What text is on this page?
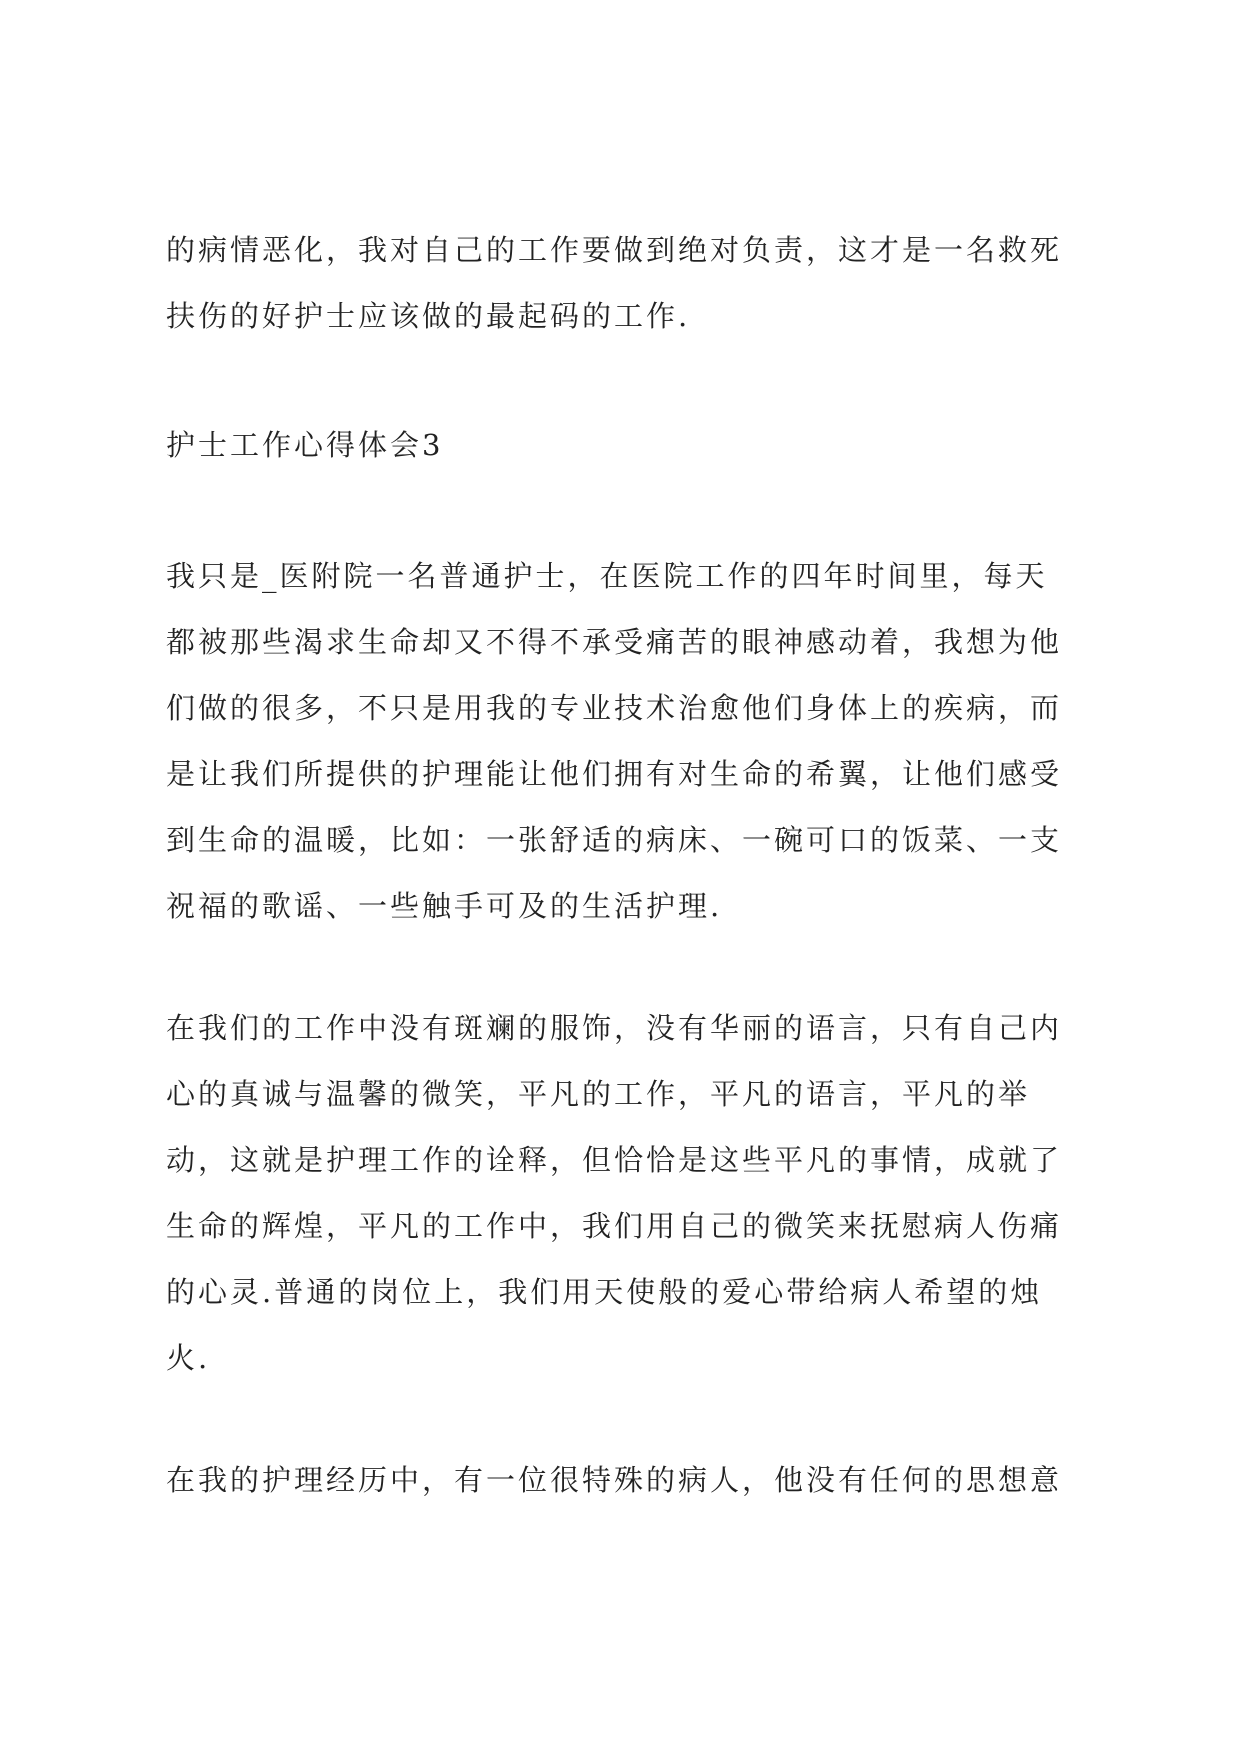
的病情恶化，我对自己的工作要做到绝对负责，这才是一名救死
扶伤的好护士应该做的最起码的工作.
护士工作心得体会3
我只是_医附院一名普通护士，在医院工作的四年时间里，每天
都被那些渴求生命却又不得不承受痛苦的眼神感动着，我想为他
们做的很多，不只是用我的专业技术治愈他们身体上的疾病，而
是让我们所提供的护理能让他们拥有对生命的希翼，让他们感受
到生命的温暖，比如：一张舒适的病床、一碗可口的饭菜、一支
祝福的歌谣、一些触手可及的生活护理.
在我们的工作中没有斑斓的服饰，没有华丽的语言，只有自己内
心的真诚与温馨的微笑，平凡的工作，平凡的语言，平凡的举
动，这就是护理工作的诠释，但恰恰是这些平凡的事情，成就了
生命的辉煌，平凡的工作中，我们用自己的微笑来抚慰病人伤痛
的心灵.普通的岗位上，我们用天使般的爱心带给病人希望的烛
火.
在我的护理经历中，有一位很特殊的病人，他没有任何的思想意
